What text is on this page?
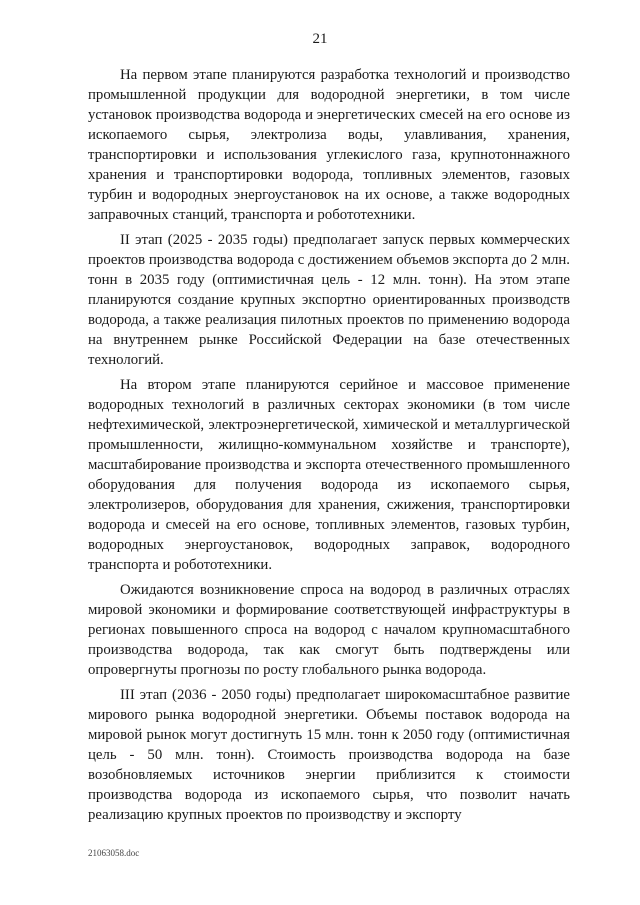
21

На первом этапе планируются разработка технологий и производство промышленной продукции для водородной энергетики, в том числе установок производства водорода и энергетических смесей на его основе из ископаемого сырья, электролиза воды, улавливания, хранения, транспортировки и использования углекислого газа, крупнотоннажного хранения и транспортировки водорода, топливных элементов, газовых турбин и водородных энергоустановок на их основе, а также водородных заправочных станций, транспорта и робототехники.

II этап (2025 - 2035 годы) предполагает запуск первых коммерческих проектов производства водорода с достижением объемов экспорта до 2 млн. тонн в 2035 году (оптимистичная цель - 12 млн. тонн). На этом этапе планируются создание крупных экспортно ориентированных производств водорода, а также реализация пилотных проектов по применению водорода на внутреннем рынке Российской Федерации на базе отечественных технологий.

На втором этапе планируются серийное и массовое применение водородных технологий в различных секторах экономики (в том числе нефтехимической, электроэнергетической, химической и металлургической промышленности, жилищно-коммунальном хозяйстве и транспорте), масштабирование производства и экспорта отечественного промышленного оборудования для получения водорода из ископаемого сырья, электролизеров, оборудования для хранения, сжижения, транспортировки водорода и смесей на его основе, топливных элементов, газовых турбин, водородных энергоустановок, водородных заправок, водородного транспорта и робототехники.

Ожидаются возникновение спроса на водород в различных отраслях мировой экономики и формирование соответствующей инфраструктуры в регионах повышенного спроса на водород с началом крупномасштабного производства водорода, так как смогут быть подтверждены или опровергнуты прогнозы по росту глобального рынка водорода.

III этап (2036 - 2050 годы) предполагает широкомасштабное развитие мирового рынка водородной энергетики. Объемы поставок водорода на мировой рынок могут достигнуть 15 млн. тонн к 2050 году (оптимистичная цель - 50 млн. тонн). Стоимость производства водорода на базе возобновляемых источников энергии приблизится к стоимости производства водорода из ископаемого сырья, что позволит начать реализацию крупных проектов по производству и экспорту

21063058.doc
